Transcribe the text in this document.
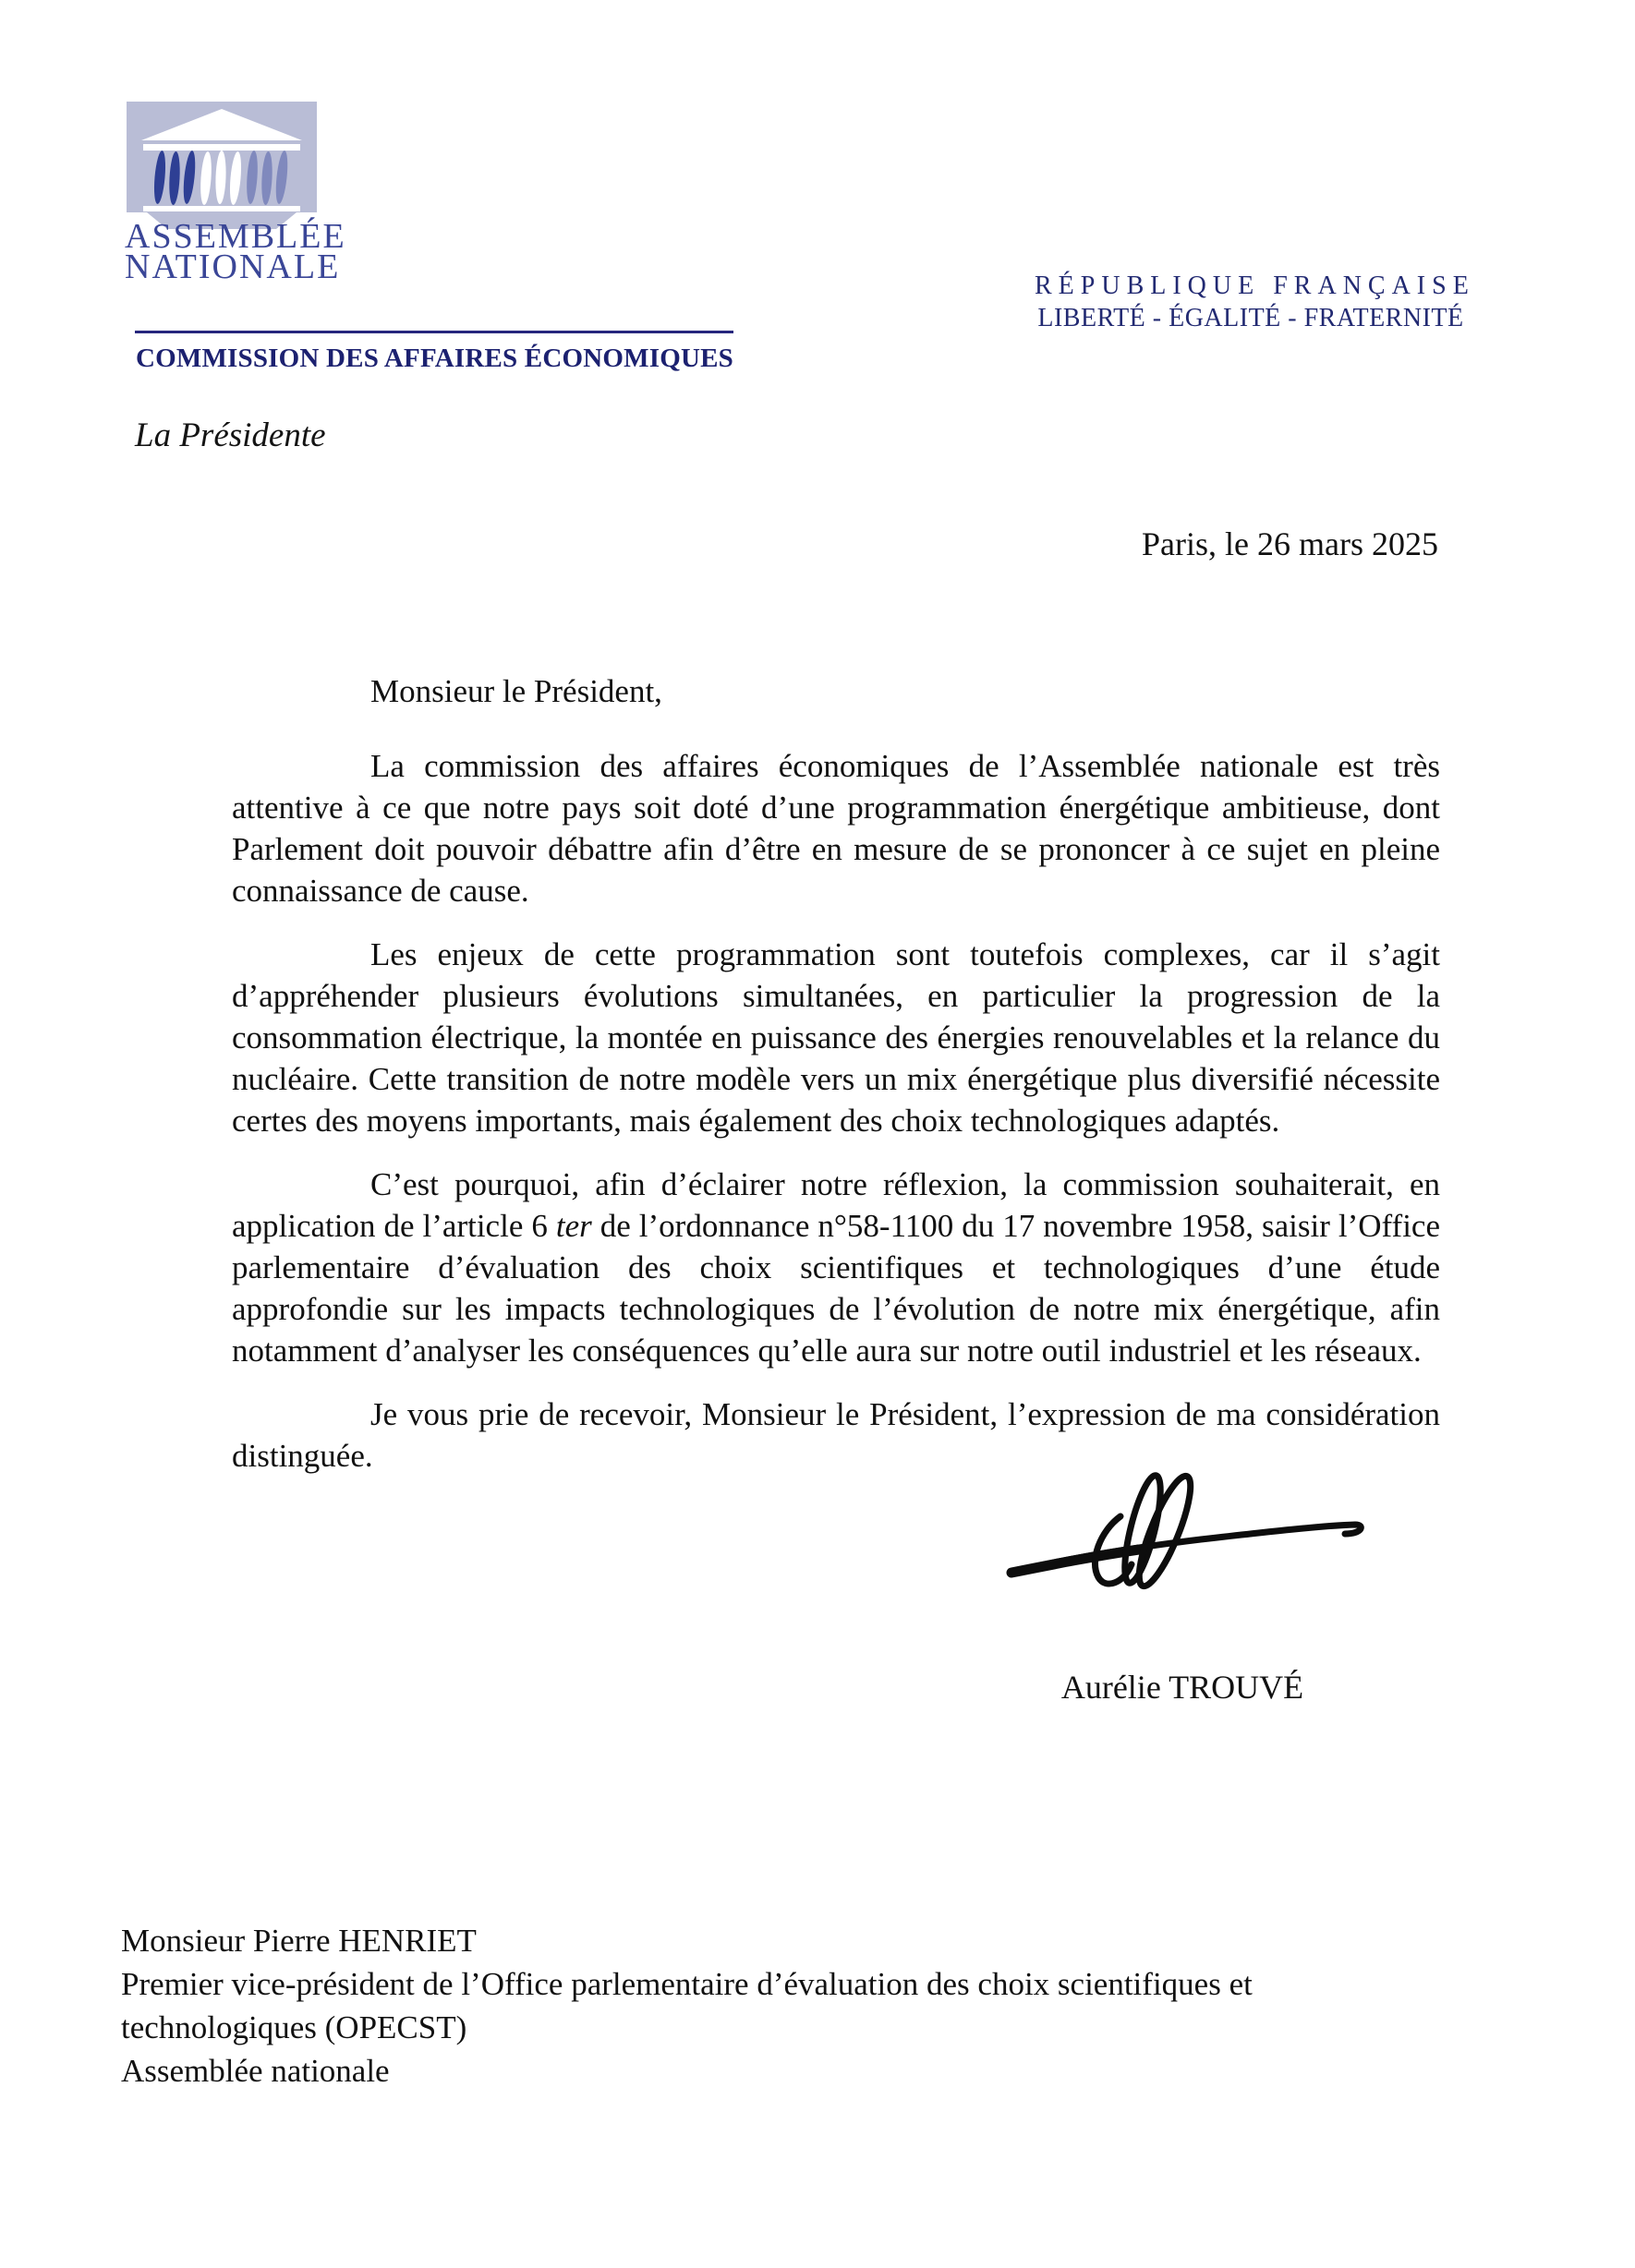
ASSEMBLÉE
NATIONALE	RÉPUBLIQUE FRANÇAISE
LIBERTÉ - ÉGALITÉ - FRATERNITÉ
COMMISSION DES AFFAIRES ÉCONOMIQUES
La Présidente
Paris, le 26 mars 2025
Monsieur le Président,

La commission des affaires économiques de l’Assemblée nationale est très attentive à ce que notre pays soit doté d’une programmation énergétique ambitieuse, dont Parlement doit pouvoir débattre afin d’être en mesure de se prononcer à ce sujet en pleine connaissance de cause.

Les enjeux de cette programmation sont toutefois complexes, car il s’agit d’appréhender plusieurs évolutions simultanées, en particulier la progression de la consommation électrique, la montée en puissance des énergies renouvelables et la relance du nucléaire. Cette transition de notre modèle vers un mix énergétique plus diversifié nécessite certes des moyens importants, mais également des choix technologiques adaptés.

C’est pourquoi, afin d’éclairer notre réflexion, la commission souhaiterait, en application de l’article 6 ter de l’ordonnance n°58-1100 du 17 novembre 1958, saisir l’Office parlementaire d’évaluation des choix scientifiques et technologiques d’une étude approfondie sur les impacts technologiques de l’évolution de notre mix énergétique, afin notamment d’analyser les conséquences qu’elle aura sur notre outil industriel et les réseaux.

Je vous prie de recevoir, Monsieur le Président, l’expression de ma considération distinguée.

Aurélie TROUVÉ
Monsieur Pierre HENRIET
Premier vice-président de l’Office parlementaire d’évaluation des choix scientifiques et
technologiques (OPECST)
Assemblée nationale
